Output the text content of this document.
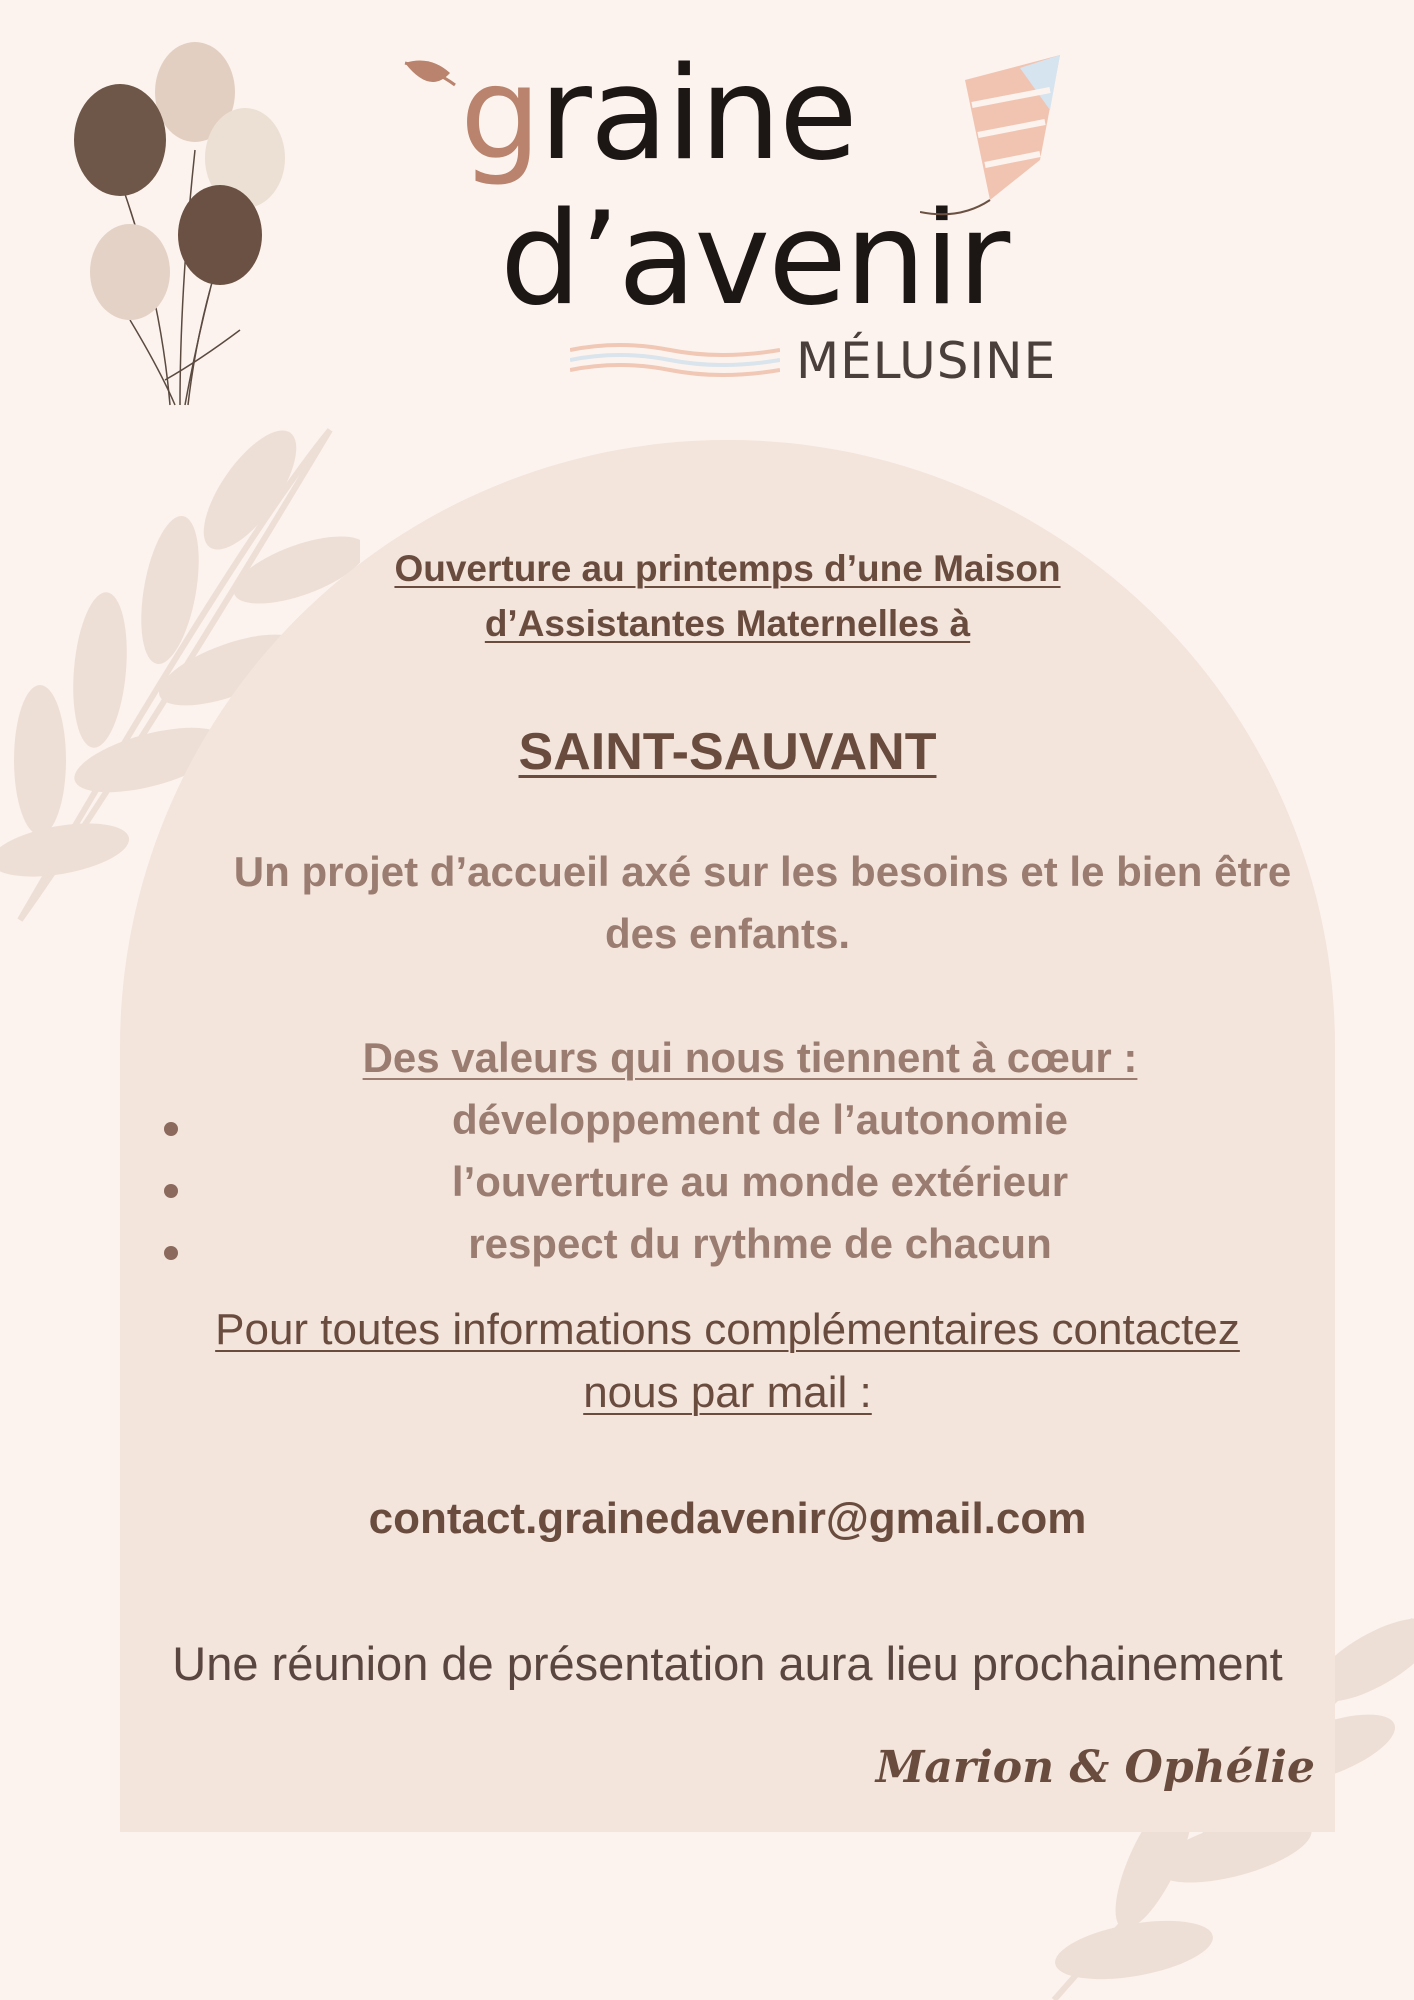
graine
d’avenir
MÉLUSINE
Ouverture au printemps d’une Maison
d’Assistantes Maternelles à
SAINT-SAUVANT
Un projet d’accueil axé sur les besoins et le bien être
des enfants.
Des valeurs qui nous tiennent à cœur :
développement de l’autonomie
l’ouverture au monde extérieur
respect du rythme de chacun
Pour toutes informations complémentaires contactez
nous par mail :
contact.grainedavenir@gmail.com
Une réunion de présentation aura lieu prochainement
Marion & Ophélie
